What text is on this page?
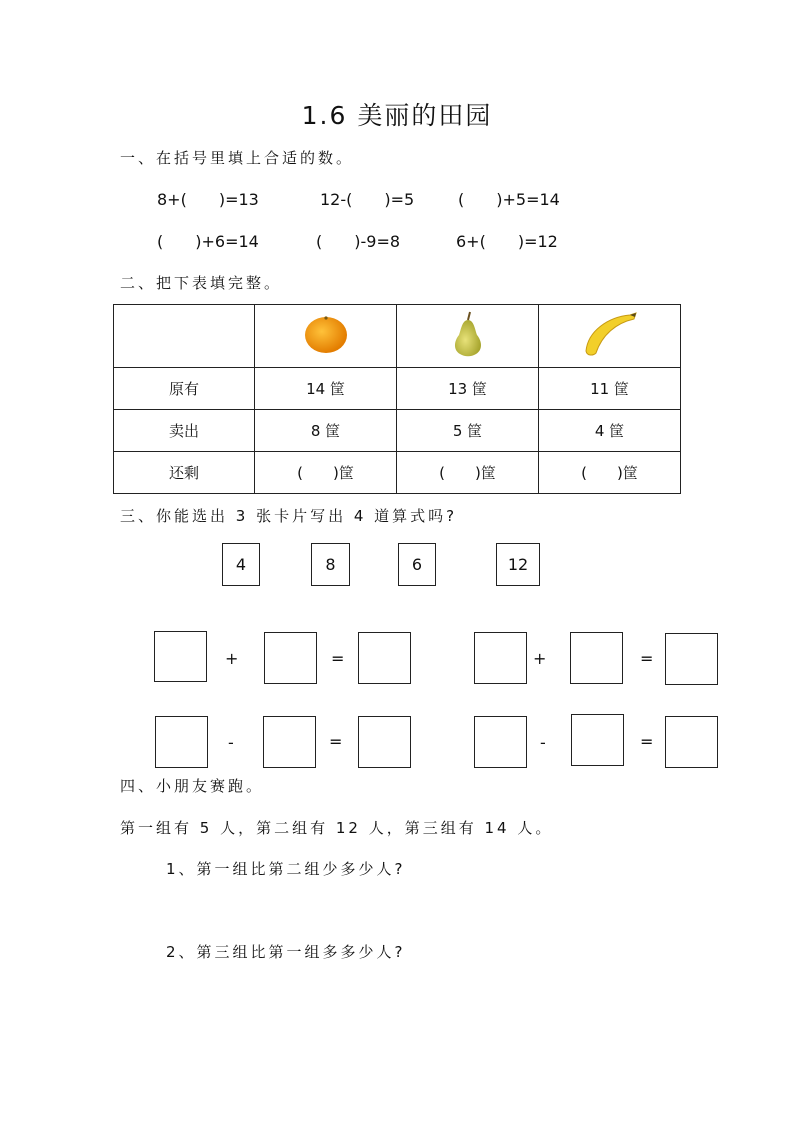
1.6 美丽的田园
一、在括号里填上合适的数。
8+(　　)=13	12-(　　)=5	(　　)+5=14
(　　)+6=14	(　　)-9=8	6+(　　)=12
二、把下表填完整。

原有	14 筐	13 筐	11 筐
卖出	8 筐	5 筐	4 筐
还剩	(　　)筐	(　　)筐	(　　)筐
三、你能选出 3 张卡片写出 4 道算式吗?
4	8	6	12
+	=	+	=
-	=	-	=
四、小朋友赛跑。
第一组有 5 人，第二组有 12 人，第三组有 14 人。
1、第一组比第二组少多少人?
2、第三组比第一组多多少人?
